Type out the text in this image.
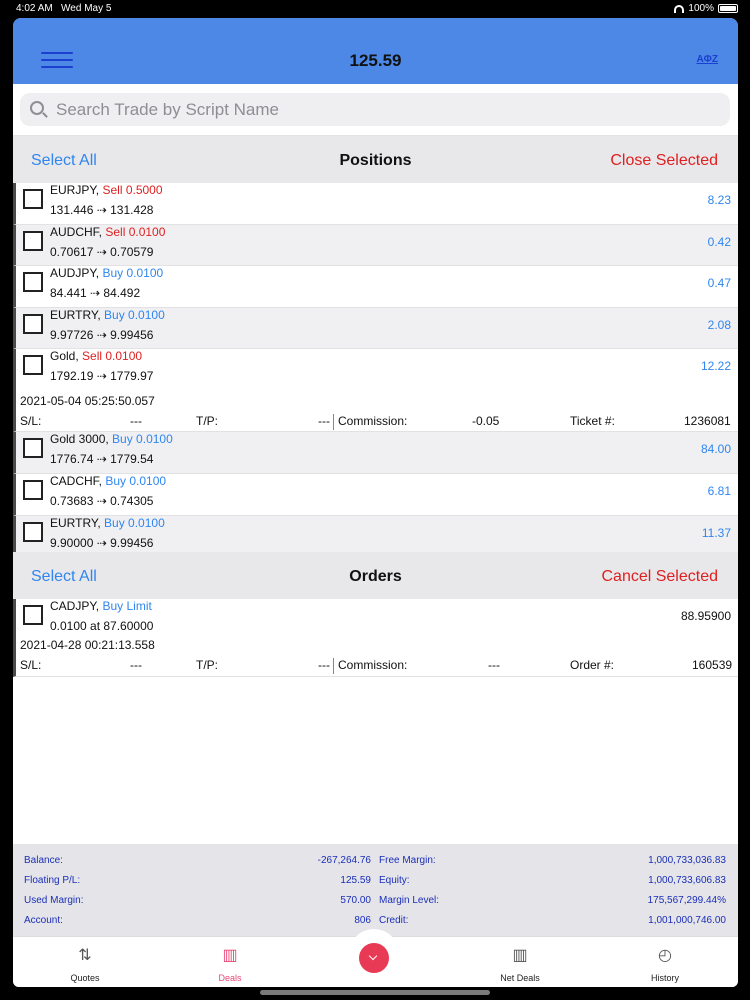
4:02 AM Wed May 5	100%
125.59	AΦZ
Search Trade by Script Name
Select All	Positions	Close Selected
EURJPY, Sell 0.5000
131.446 ⇢ 131.428
8.23
AUDCHF, Sell 0.0100
0.70617 ⇢ 0.70579
0.42
AUDJPY, Buy 0.0100
84.441 ⇢ 84.492
0.47
EURTRY, Buy 0.0100
9.97726 ⇢ 9.99456
2.08
Gold, Sell 0.0100
1792.19 ⇢ 1779.97
12.22
2021-05-04 05:25:50.057
S/L:	---	T/P:	--- Commission:	-0.05	Ticket #:	1236081
Gold 3000, Buy 0.0100
1776.74 ⇢ 1779.54
84.00
CADCHF, Buy 0.0100
0.73683 ⇢ 0.74305
6.81
EURTRY, Buy 0.0100
9.90000 ⇢ 9.99456
11.37
Select All	Orders	Cancel Selected
CADJPY, Buy Limit
0.0100 at 87.60000
88.95900
2021-04-28 00:21:13.558
S/L:	---	T/P:	--- Commission:	---	Order #:	160539
Balance:	-267,264.76
Floating P/L:	125.59
Used Margin:	570.00
Account:	806
Free Margin:	1,000,733,036.83
Equity:	1,000,733,606.83
Margin Level:	175,567,299.44%
Credit:	1,001,000,746.00
⇅
Quotes
▥
Deals
▥
Net Deals
◴
History
